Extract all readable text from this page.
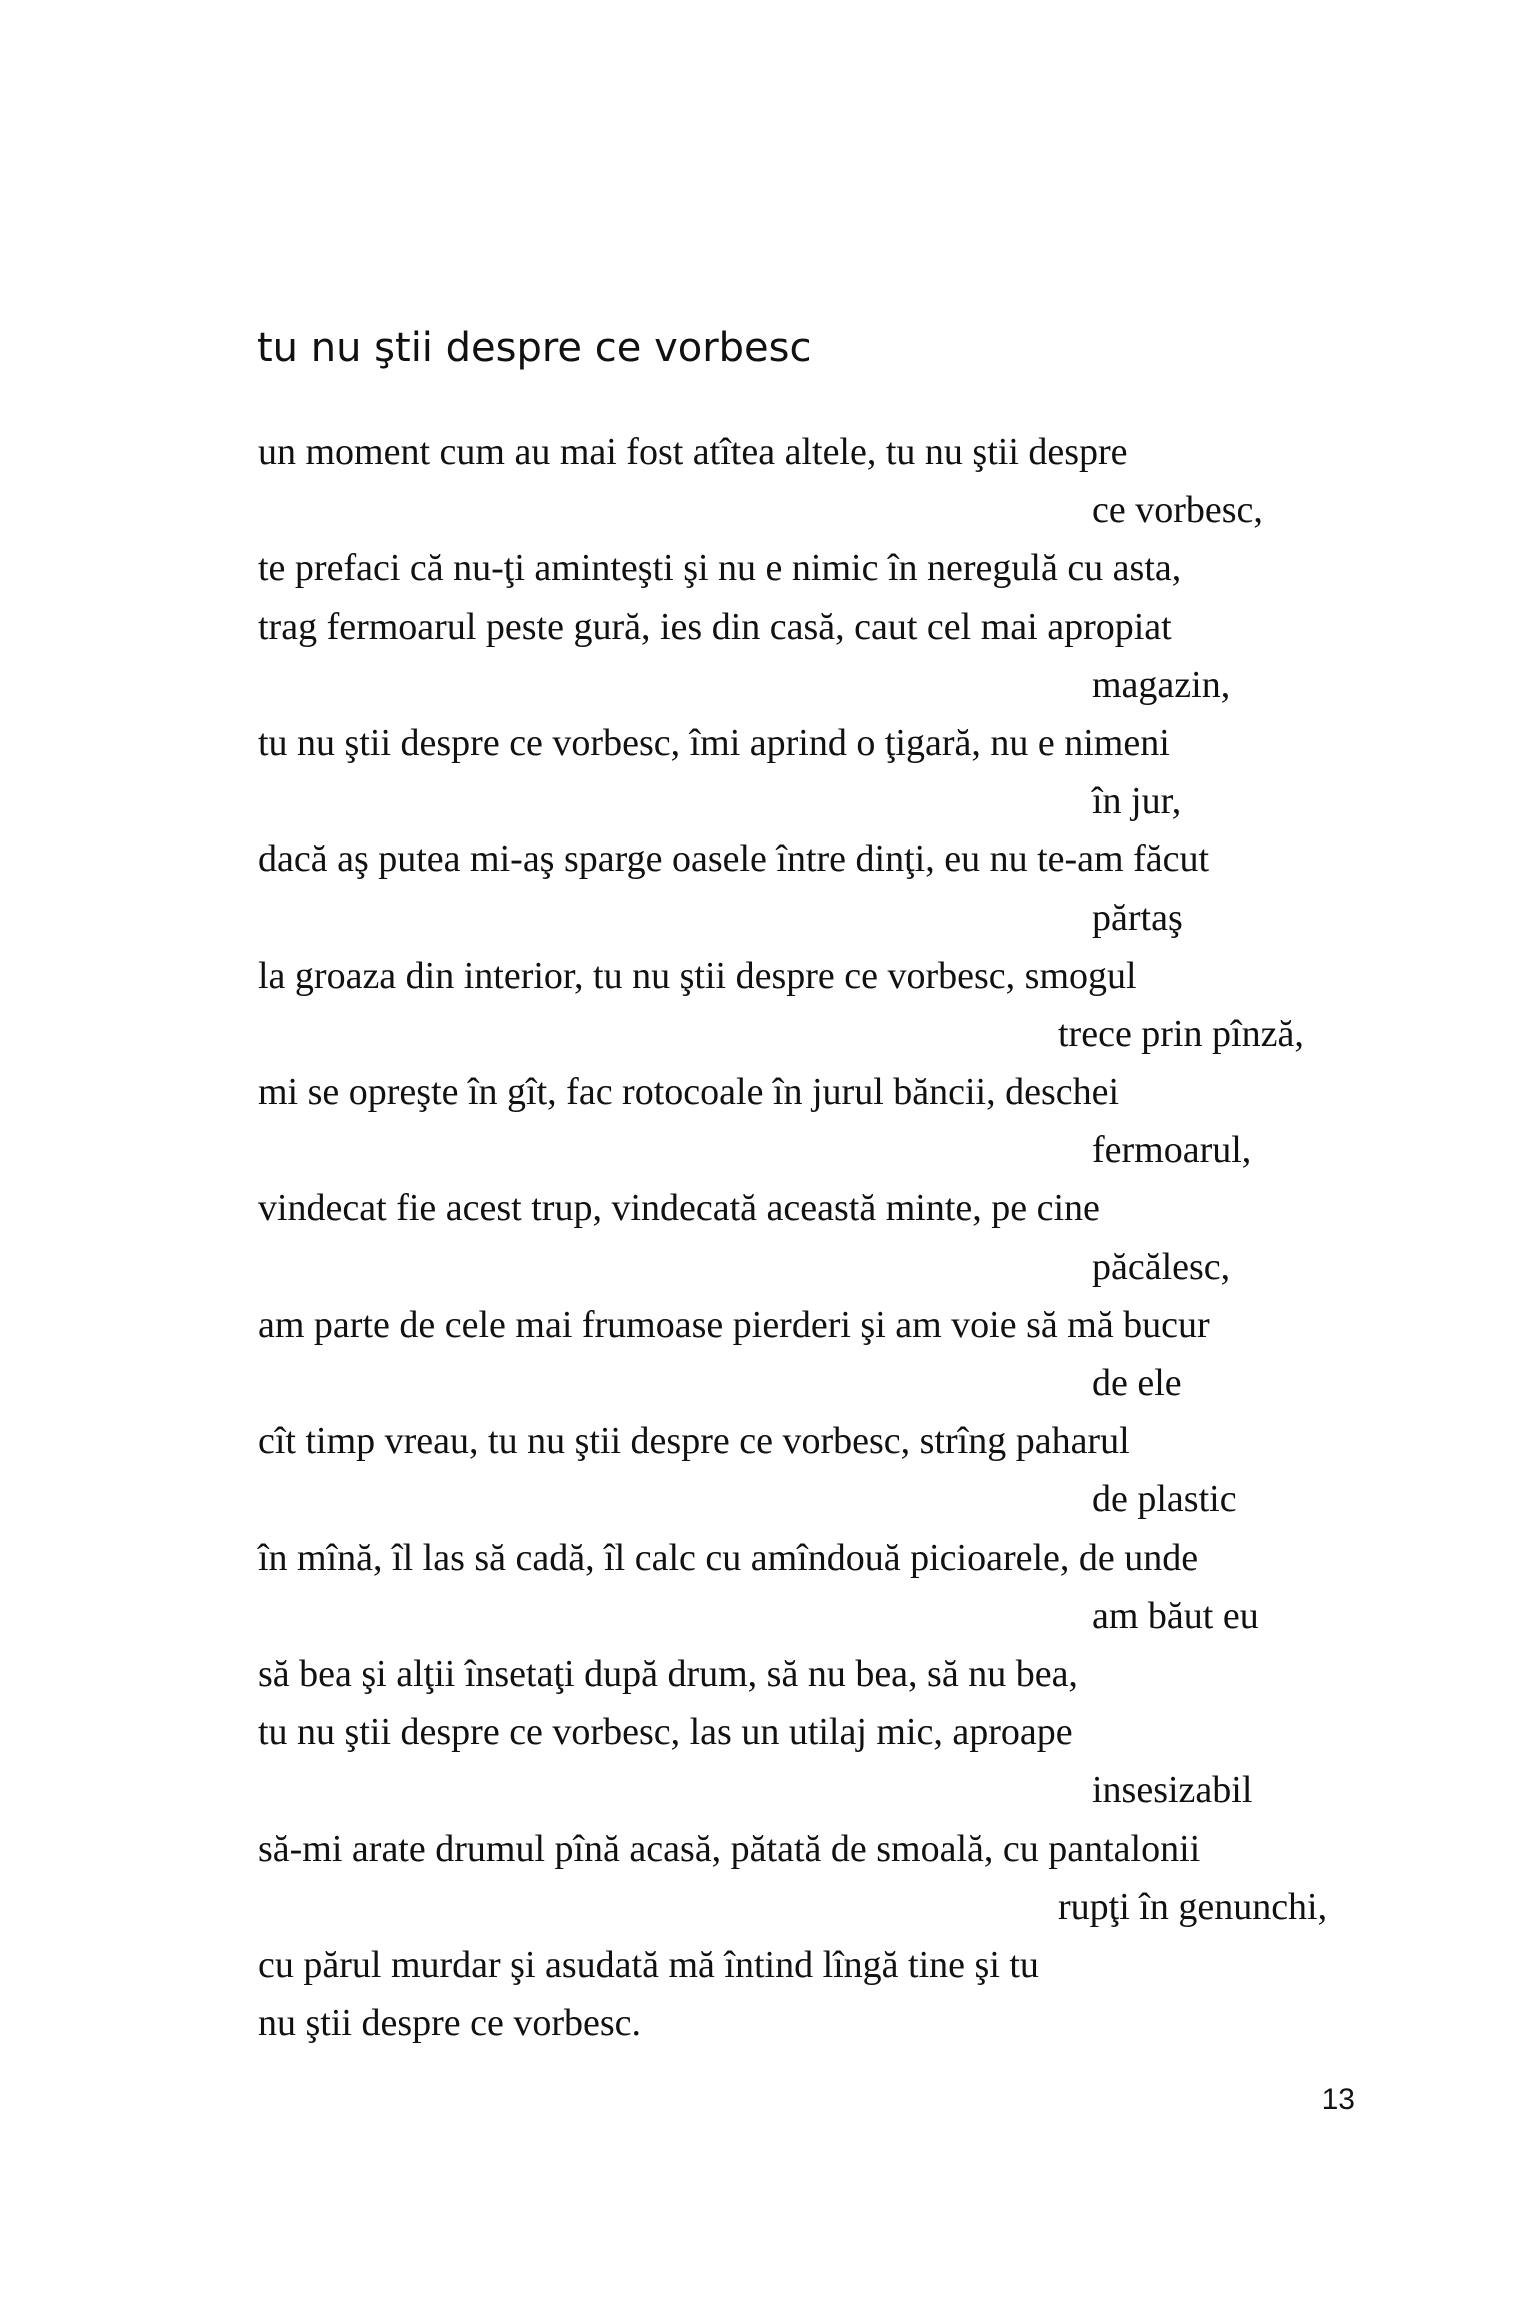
tu nu ştii despre ce vorbesc
un moment cum au mai fost atîtea altele, tu nu ştii despre
ce vorbesc,
te prefaci că nu-ţi aminteşti şi nu e nimic în neregulă cu asta,
trag fermoarul peste gură, ies din casă, caut cel mai apropiat
magazin,
tu nu ştii despre ce vorbesc, îmi aprind o ţigară, nu e nimeni
în jur,
dacă aş putea mi-aş sparge oasele între dinţi, eu nu te-am făcut
părtaş
la groaza din interior, tu nu ştii despre ce vorbesc, smogul
trece prin pînză,
mi se opreşte în gît, fac rotocoale în jurul băncii, deschei
fermoarul,
vindecat fie acest trup, vindecată această minte, pe cine
păcălesc,
am parte de cele mai frumoase pierderi şi am voie să mă bucur
de ele
cît timp vreau, tu nu ştii despre ce vorbesc, strîng paharul
de plastic
în mînă, îl las să cadă, îl calc cu amîndouă picioarele, de unde
am băut eu
să bea şi alţii însetaţi după drum, să nu bea, să nu bea,
tu nu ştii despre ce vorbesc, las un utilaj mic, aproape
insesizabil
să-mi arate drumul pînă acasă, pătată de smoală, cu pantalonii
rupţi în genunchi,
cu părul murdar şi asudată mă întind lîngă tine şi tu
nu ştii despre ce vorbesc.
13
